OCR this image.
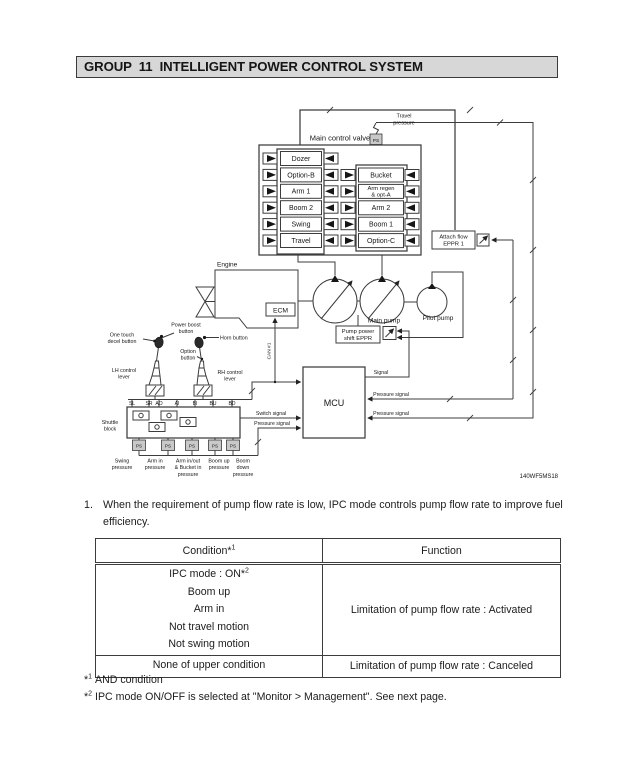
GROUP  11  INTELLIGENT POWER CONTROL SYSTEM
Main control valve
Dozer
Option-B
Arm 1
Boom 2
Swing
Travel
Bucket
Arm regen
& opt-A
Arm 2
Boom 1
Option-C
PS
Travel
pressure
Attach flow
EPPR 1
Engine
ECM
Main pump	Pilot pump
Pump power
shift EPPR
MCU
Signal
Pressure signal
Pressure signal
CAN #1
Switch signal
Pressure signal
Power boost
button
One touch
decel button
Horn button
Option
button
LH control
lever
RH control
lever
Shuttle
block
SL SR AO AI	BI BU BD
PS
Swing
pressure
PS
Arm in
pressure
PS
Arm in/out
& Bucket in
pressure
PS
Boom up
pressure
PS
Boom
down
pressure	140WF5MS18
1. When the requirement of pump flow rate is low, IPC mode controls pump flow rate to improve fuel
efficiency.
Condition*$^1$	Function

IPC mode : ON*$^2$
Boom up
Arm in
Not travel motion
Not swing motion	Limitation of pump flow rate : Activated

None of upper condition	Limitation of pump flow rate : Canceled
*$^1$ AND condition
*$^2$ IPC mode ON/OFF is selected at "Monitor > Management". See next page.
